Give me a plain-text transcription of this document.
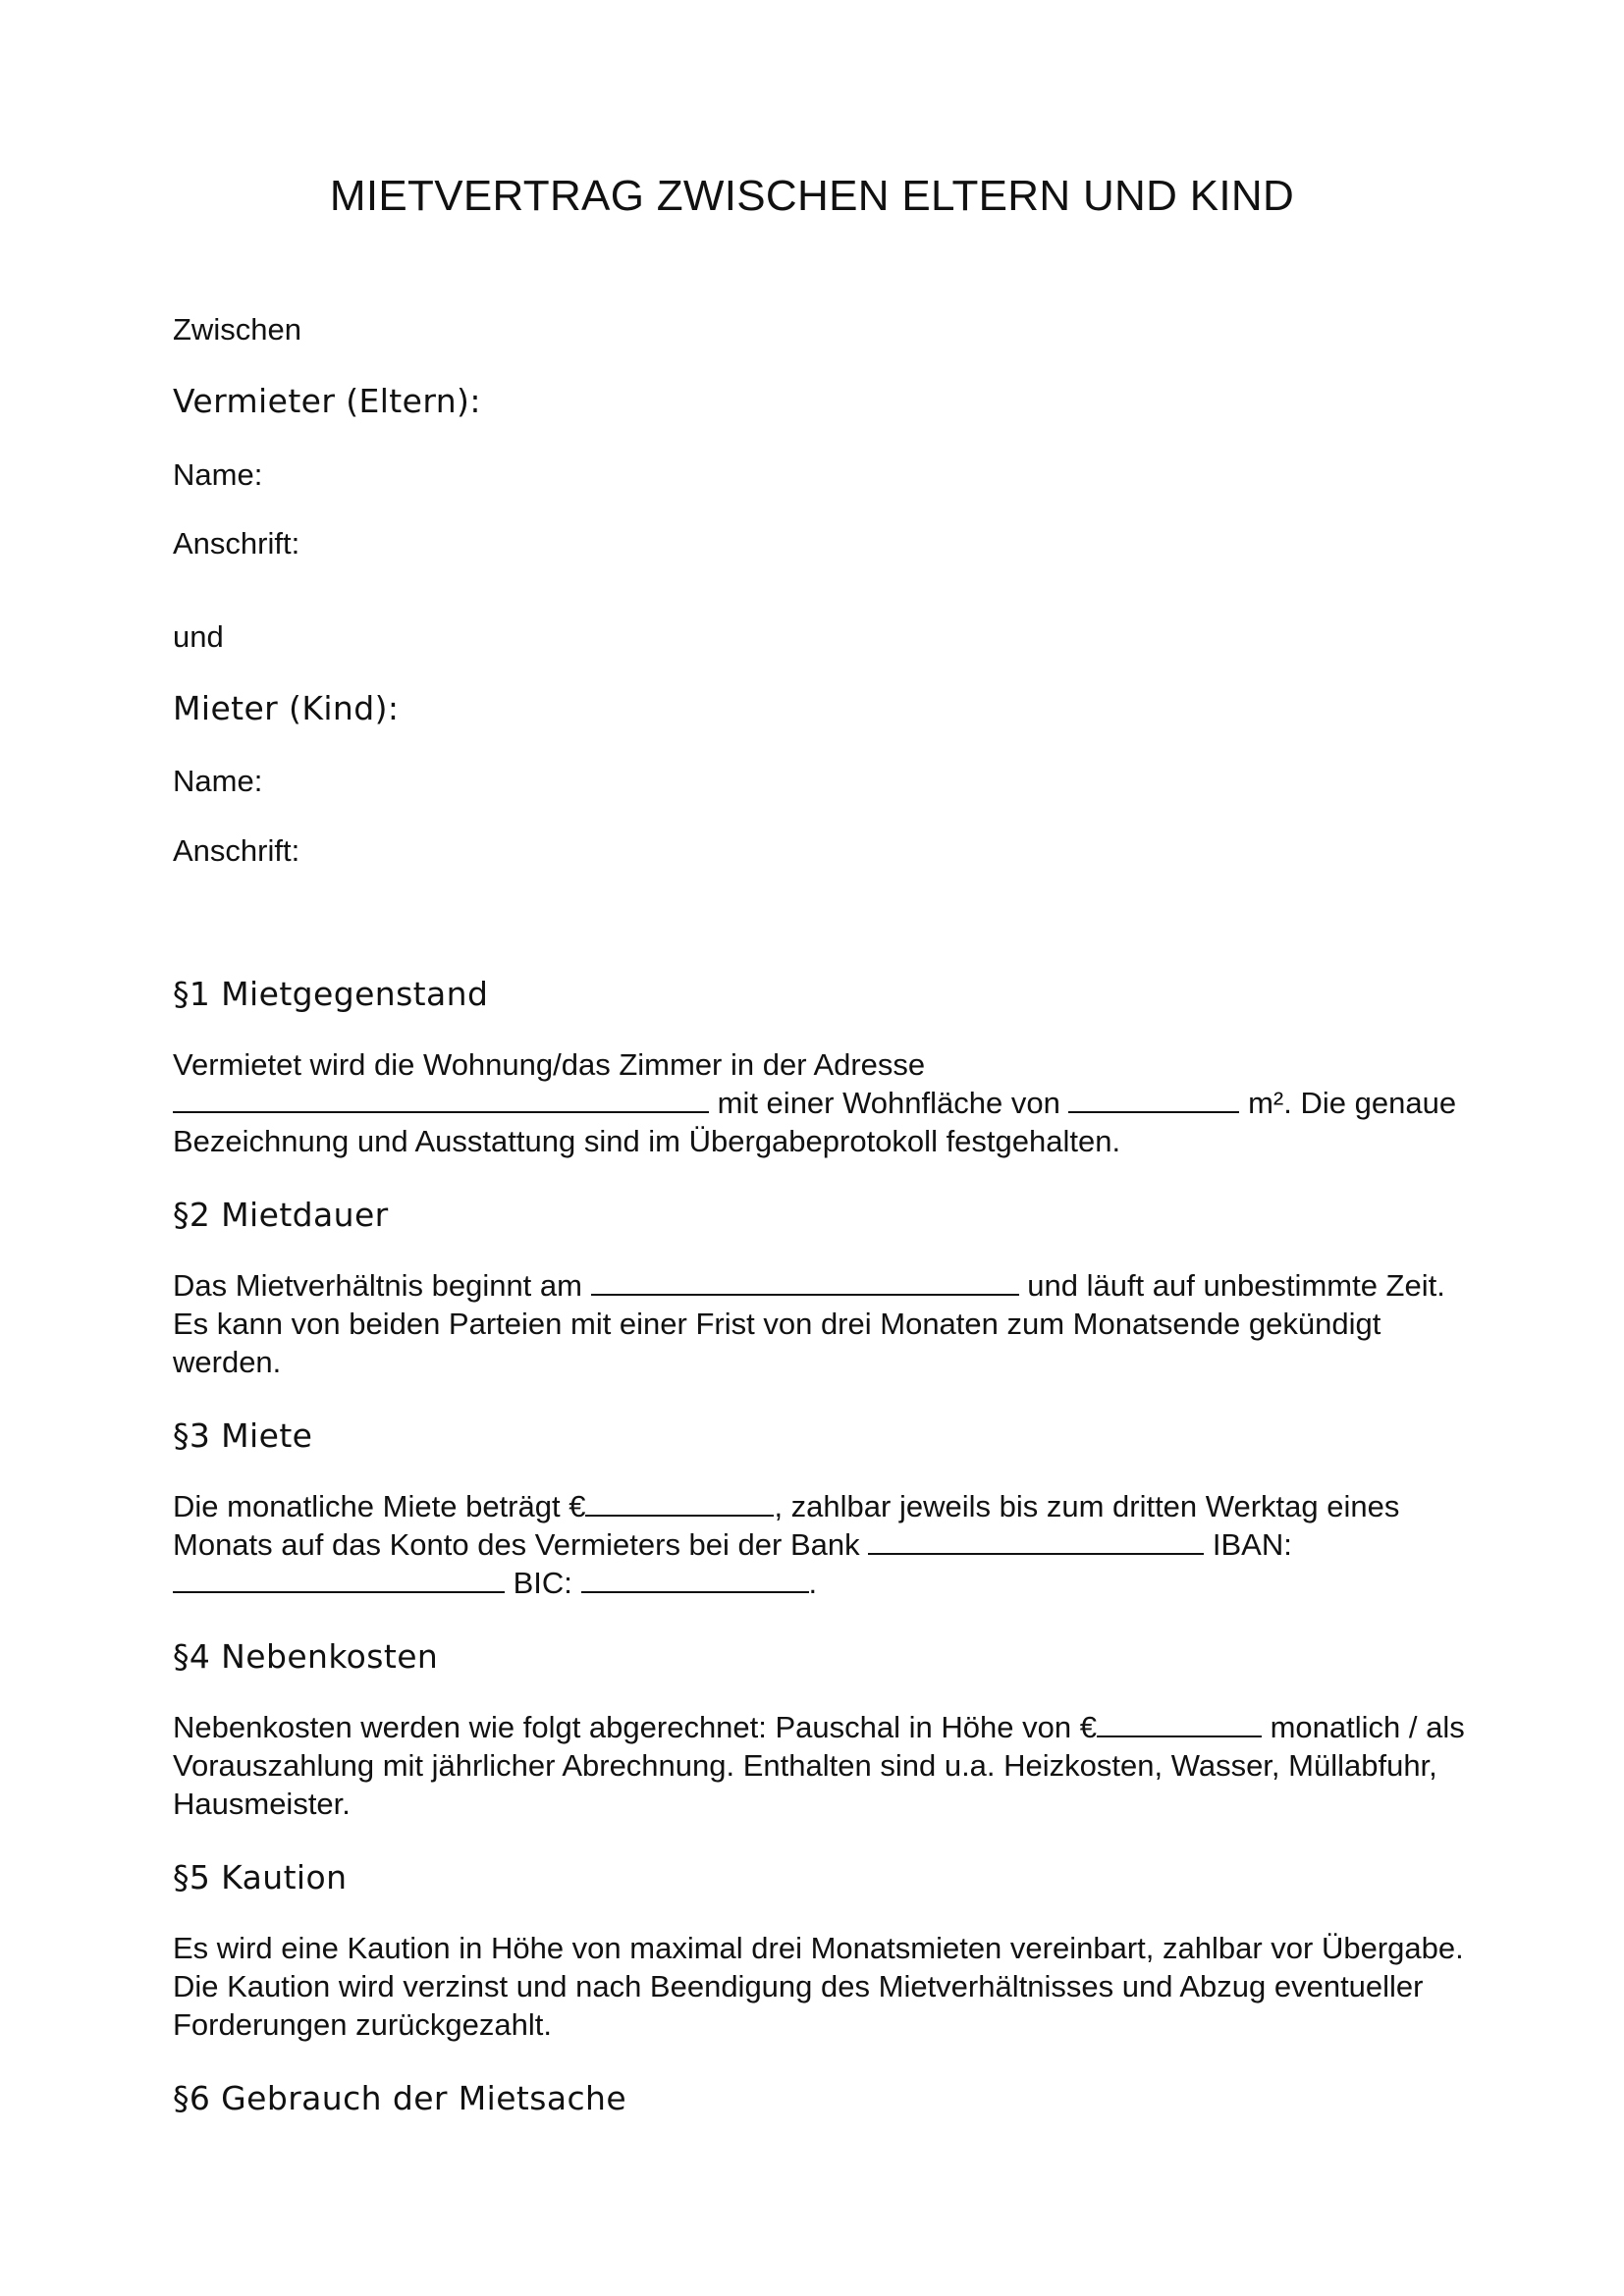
MIETVERTRAG ZWISCHEN ELTERN UND KIND
Zwischen
Vermieter (Eltern):
Name:
Anschrift:
und
Mieter (Kind):
Name:
Anschrift:
§1 Mietgegenstand
Vermietet wird die Wohnung/das Zimmer in der Adresse
mit einer Wohnfläche von	m². Die genaue
Bezeichnung und Ausstattung sind im Übergabeprotokoll festgehalten.
§2 Mietdauer
Das Mietverhältnis beginnt am	und läuft auf unbestimmte Zeit.
Es kann von beiden Parteien mit einer Frist von drei Monaten zum Monatsende gekündigt
werden.
§3 Miete
Die monatliche Miete beträgt €	, zahlbar jeweils bis zum dritten Werktag eines
Monats auf das Konto des Vermieters bei der Bank	IBAN:
BIC:	.
§4 Nebenkosten
Nebenkosten werden wie folgt abgerechnet: Pauschal in Höhe von €	monatlich / als
Vorauszahlung mit jährlicher Abrechnung. Enthalten sind u.a. Heizkosten, Wasser, Müllabfuhr,
Hausmeister.
§5 Kaution
Es wird eine Kaution in Höhe von maximal drei Monatsmieten vereinbart, zahlbar vor Übergabe.
Die Kaution wird verzinst und nach Beendigung des Mietverhältnisses und Abzug eventueller
Forderungen zurückgezahlt.
§6 Gebrauch der Mietsache
